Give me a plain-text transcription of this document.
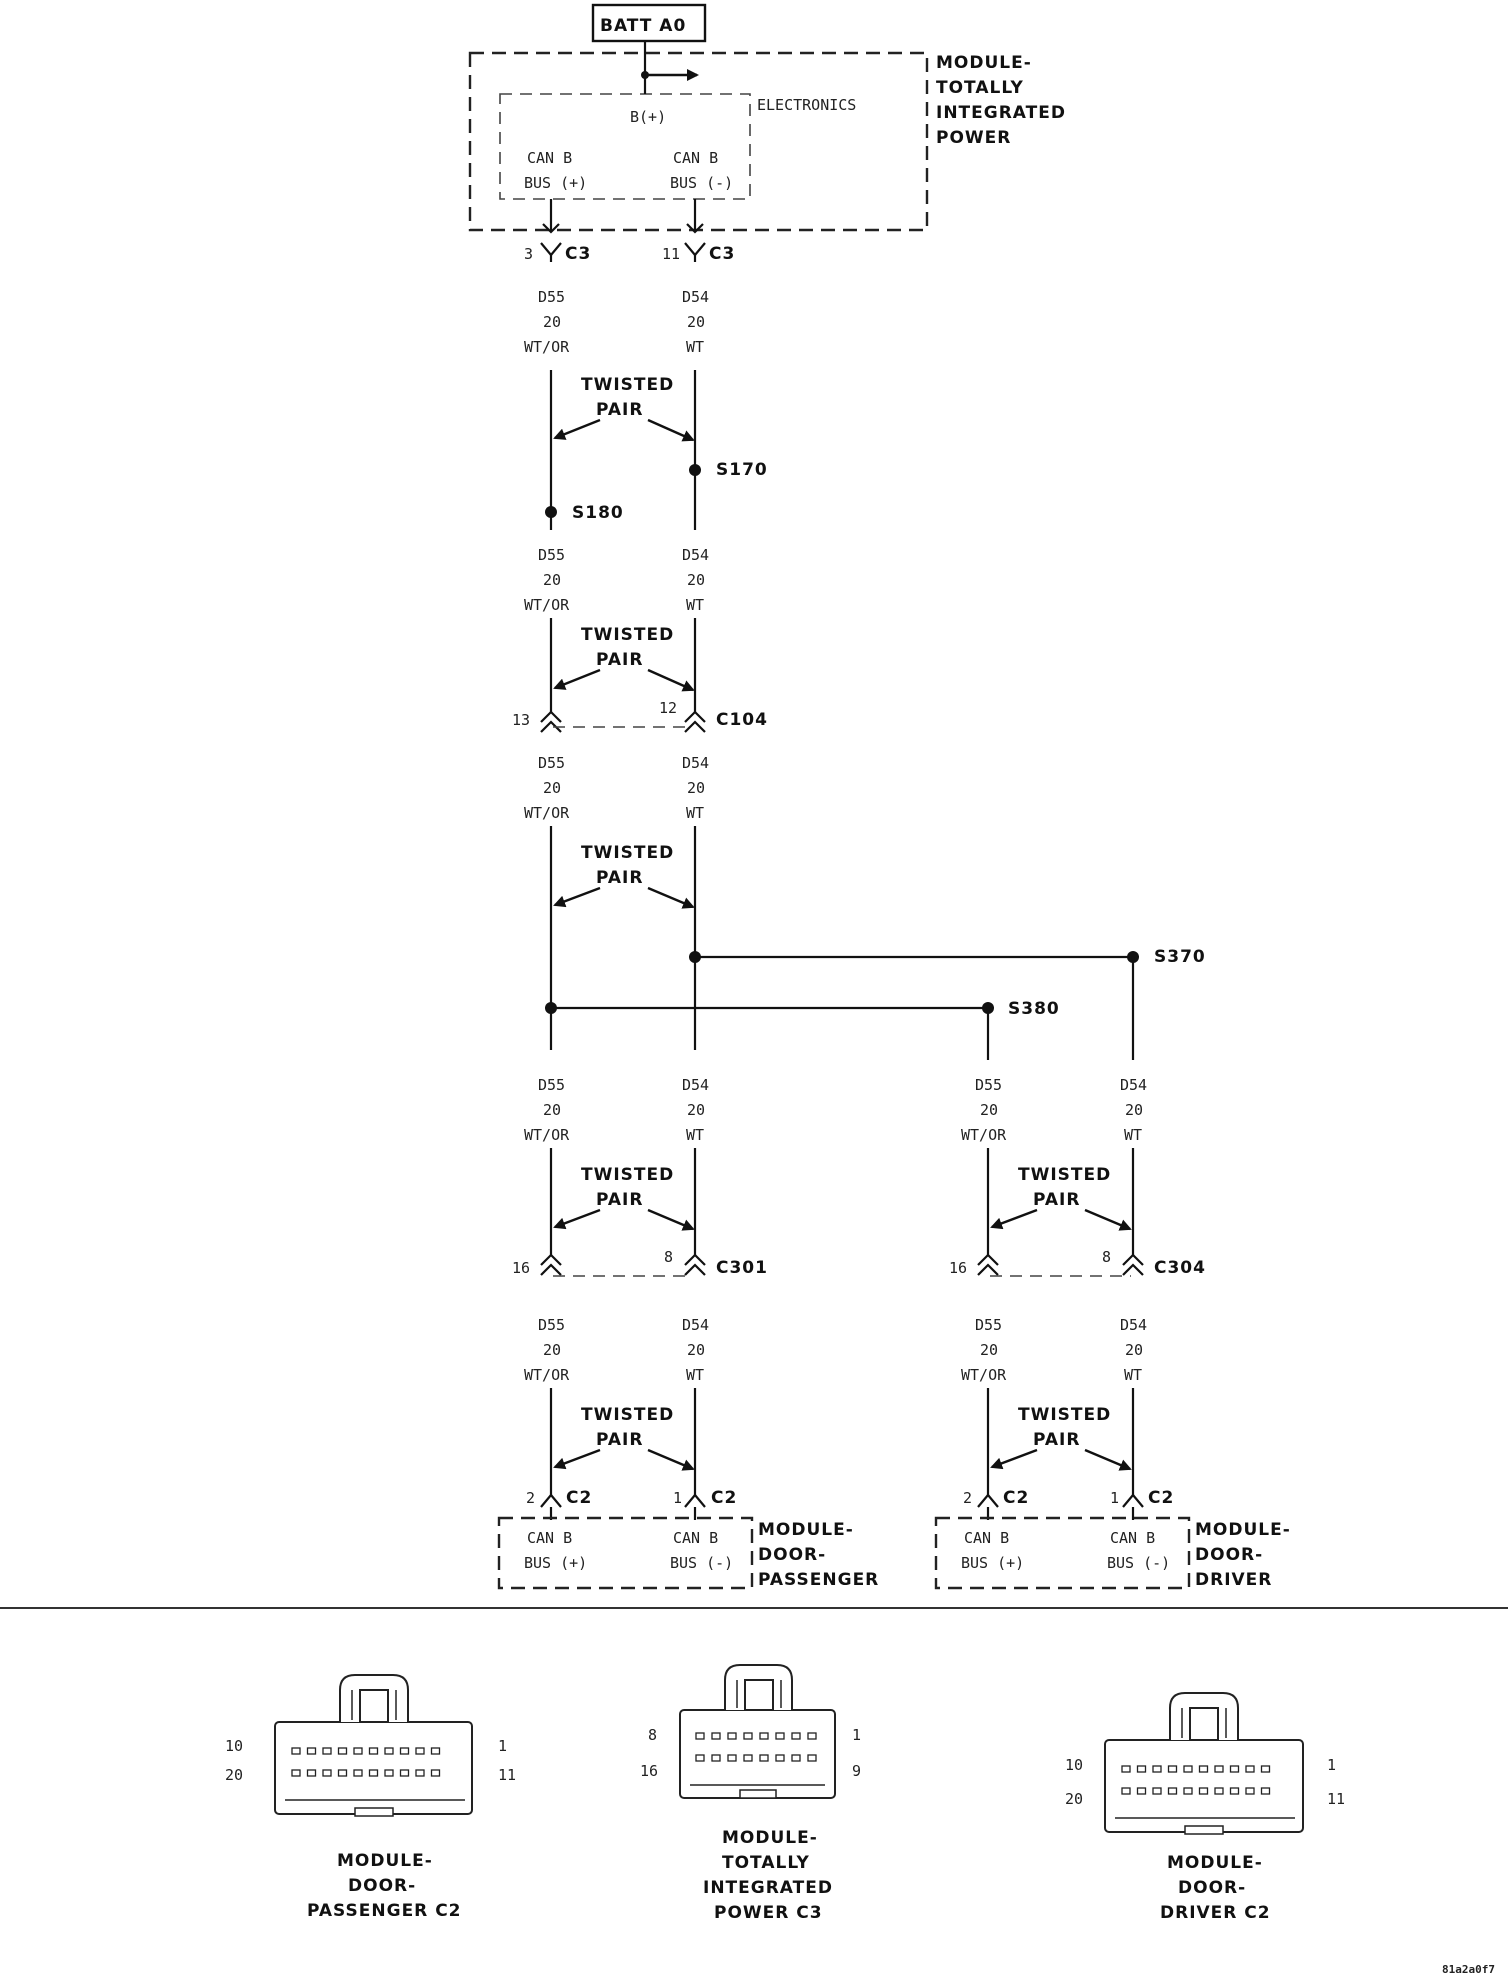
BATT A0
MODULE-
TOTALLY
INTEGRATED
POWER
ELECTRONICS
B(+)
CAN B
BUS (+)
CAN B
BUS (-)
3 C3	11 C3
D55
20
WT/OR
D54
20
WT
TWISTED
PAIR
S170
S180
D55
20
WT/OR
D54
20
WT
TWISTED
PAIR
13
12
C104
D55
20
WT/OR
D54
20
WT
TWISTED
PAIR
S370
S380
D55
20
WT/OR
D54
20
WT
D55
20
WT/OR
D54
20
WT
TWISTED
PAIR
TWISTED
PAIR
16
8
C301	16
8
C304
D55
20
WT/OR
D54
20
WT
D55
20
WT/OR
D54
20
WT
TWISTED
PAIR
TWISTED
PAIR
2 C2	1 C2	2 C2	1 C2
CAN B
BUS (+)
CAN B
BUS (-)
MODULE-
DOOR-
PASSENGER
CAN B
BUS (+)
CAN B
BUS (-)
MODULE-
DOOR-
DRIVER
10
20
1
11
MODULE-
DOOR-
PASSENGER C2
8
16
1
9
MODULE-
TOTALLY
INTEGRATED
POWER C3
10
20
1
11
MODULE-
DOOR-
DRIVER C2
81a2a0f7
